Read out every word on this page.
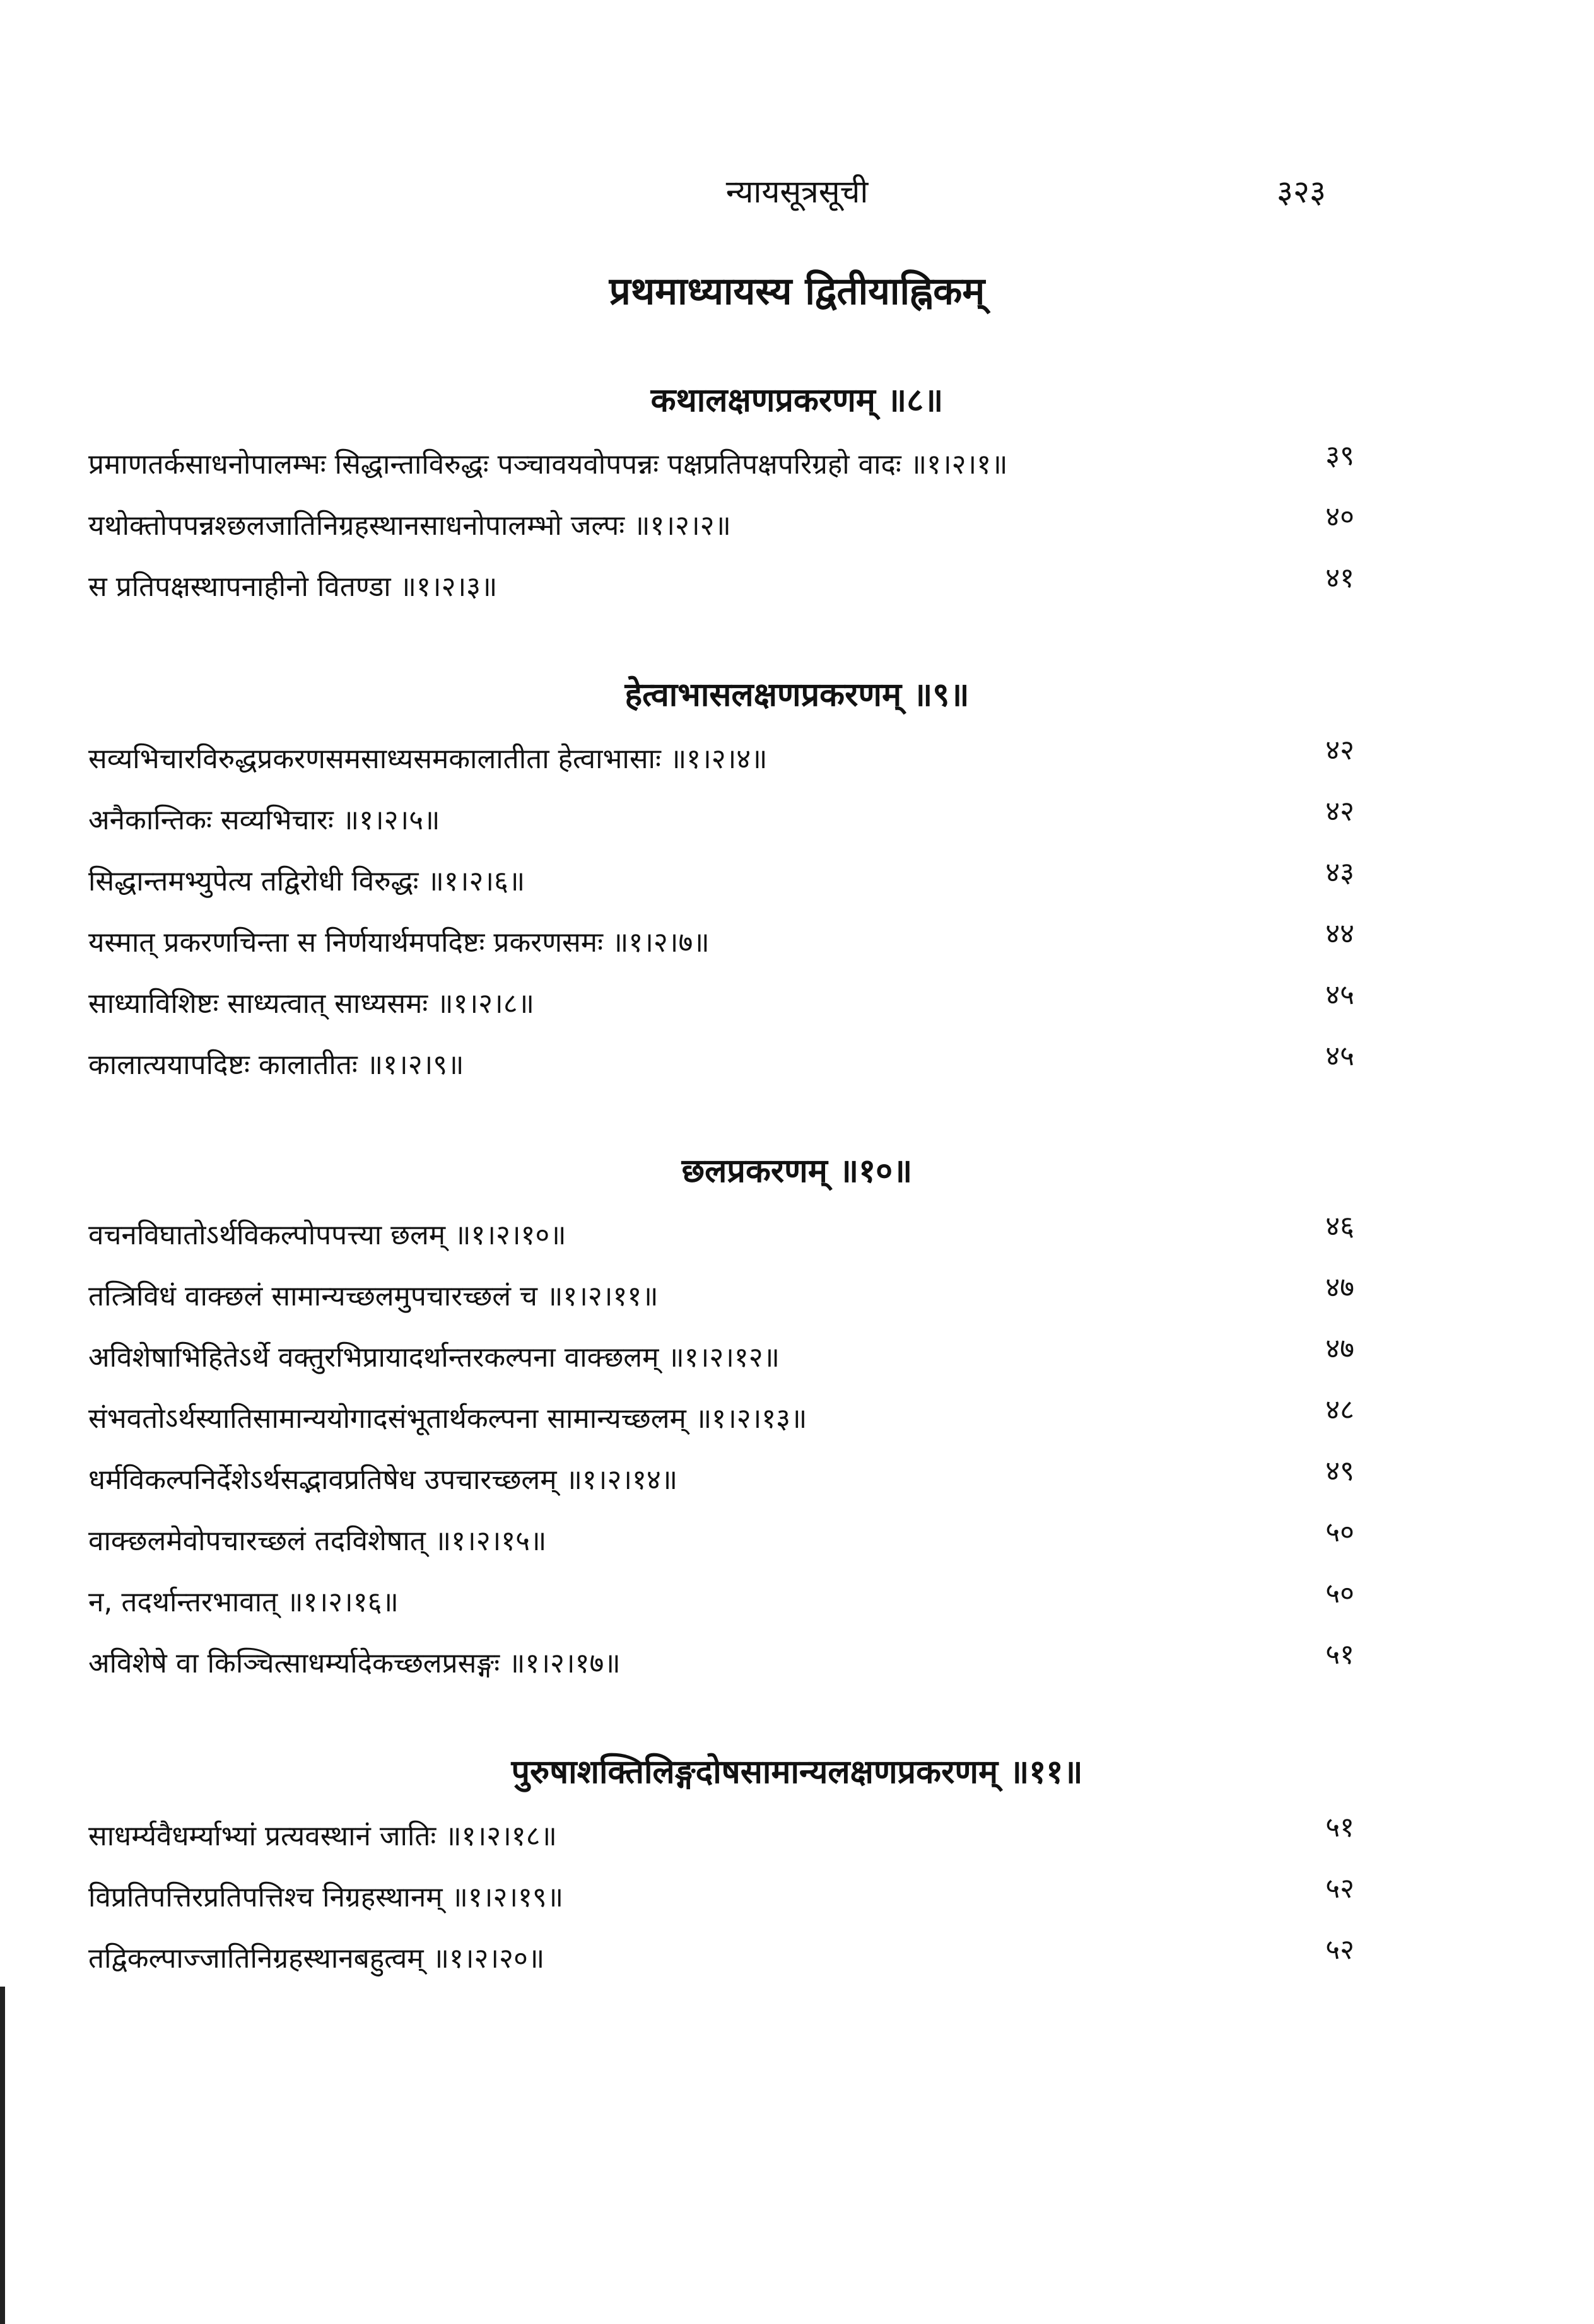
न्यायसूत्रसूची	३२३
प्रथमाध्यायस्य द्वितीयाह्निकम्
कथालक्षणप्रकरणम् ॥८॥
प्रमाणतर्कसाधनोपालम्भः सिद्धान्ताविरुद्धः पञ्चावयवोपपन्नः पक्षप्रतिपक्षपरिग्रहो वादः ॥१।२।१॥	३९
यथोक्तोपपन्नश्छलजातिनिग्रहस्थानसाधनोपालम्भो जल्पः ॥१।२।२॥	४०
स प्रतिपक्षस्थापनाहीनो वितण्डा ॥१।२।३॥	४१
हेत्वाभासलक्षणप्रकरणम् ॥९॥
सव्यभिचारविरुद्धप्रकरणसमसाध्यसमकालातीता हेत्वाभासाः ॥१।२।४॥	४२
अनैकान्तिकः सव्यभिचारः ॥१।२।५॥	४२
सिद्धान्तमभ्युपेत्य तद्विरोधी विरुद्धः ॥१।२।६॥	४३
यस्मात् प्रकरणचिन्ता स निर्णयार्थमपदिष्टः प्रकरणसमः ॥१।२।७॥	४४
साध्याविशिष्टः साध्यत्वात् साध्यसमः ॥१।२।८॥	४५
कालात्ययापदिष्टः कालातीतः ॥१।२।९॥	४५
छलप्रकरणम् ॥१०॥
वचनविघातोऽर्थविकल्पोपपत्त्या छलम् ॥१।२।१०॥	४६
तत्त्रिविधं वाक्छलं सामान्यच्छलमुपचारच्छलं च ॥१।२।११॥	४७
अविशेषाभिहितेऽर्थे वक्तुरभिप्रायादर्थान्तरकल्पना वाक्छलम् ॥१।२।१२॥	४७
संभवतोऽर्थस्यातिसामान्ययोगादसंभूतार्थकल्पना सामान्यच्छलम् ॥१।२।१३॥	४८
धर्मविकल्पनिर्देशेऽर्थसद्भावप्रतिषेध उपचारच्छलम् ॥१।२।१४॥	४९
वाक्छलमेवोपचारच्छलं तदविशेषात् ॥१।२।१५॥	५०
न, तदर्थान्तरभावात् ॥१।२।१६॥	५०
अविशेषे वा किञ्चित्साधर्म्यादेकच्छलप्रसङ्गः ॥१।२।१७॥	५१
पुरुषाशक्तिलिङ्गदोषसामान्यलक्षणप्रकरणम् ॥११॥
साधर्म्यवैधर्म्याभ्यां प्रत्यवस्थानं जातिः ॥१।२।१८॥	५१
विप्रतिपत्तिरप्रतिपत्तिश्च निग्रहस्थानम् ॥१।२।१९॥	५२
तद्विकल्पाज्जातिनिग्रहस्थानबहुत्वम् ॥१।२।२०॥	५२
